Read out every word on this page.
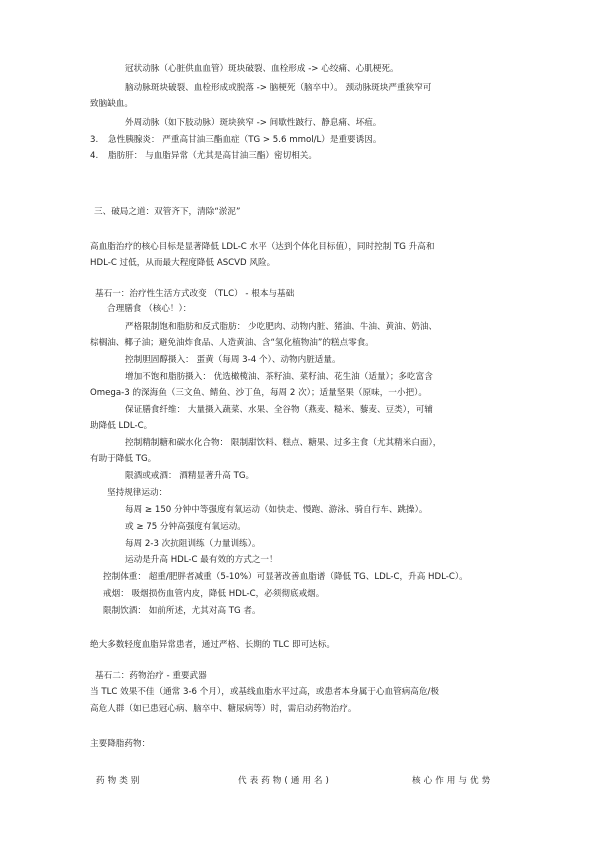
冠状动脉（心脏供血血管）斑块破裂、血栓形成 -> 心绞痛、心肌梗死。
脑动脉斑块破裂、血栓形成或脱落 -> 脑梗死（脑卒中）。 颈动脉斑块严重狭窄可
致脑缺血。
外周动脉（如下肢动脉）斑块狭窄 -> 间歇性跛行、静息痛、坏疽。
急性胰腺炎： 严重高甘油三酯血症（TG > 5.6 mmol/L）是重要诱因。
脂肪肝： 与血脂异常（尤其是高甘油三酯）密切相关。
三、破局之道：双管齐下，清除“淤泥”
高血脂治疗的核心目标是显著降低 LDL-C 水平（达到个体化目标值），同时控制 TG 升高和
HDL-C 过低，从而最大程度降低 ASCVD 风险。
基石一：治疗性生活方式改变 （TLC） - 根本与基础
合理膳食 （核心！）：
严格限制饱和脂肪和反式脂肪： 少吃肥肉、动物内脏、猪油、牛油、黄油、奶油、
棕榈油、椰子油；避免油炸食品、人造黄油、含“氢化植物油”的糕点零食。
控制胆固醇摄入： 蛋黄（每周 3-4 个）、动物内脏适量。
增加不饱和脂肪摄入： 优选橄榄油、茶籽油、菜籽油、花生油（适量）；多吃富含
Omega-3 的深海鱼（三文鱼、鲭鱼、沙丁鱼，每周 2 次）；适量坚果（原味，一小把）。
保证膳食纤维： 大量摄入蔬菜、水果、全谷物（燕麦、糙米、藜麦、豆类），可辅
助降低 LDL-C。
控制精制糖和碳水化合物： 限制甜饮料、糕点、糖果、过多主食（尤其精米白面），
有助于降低 TG。
限酒或戒酒： 酒精显著升高 TG。
坚持规律运动：
每周 ≥ 150 分钟中等强度有氧运动（如快走、慢跑、游泳、骑自行车、跳操）。
或 ≥ 75 分钟高强度有氧运动。
每周 2-3 次抗阻训练（力量训练）。
运动是升高 HDL-C 最有效的方式之一！
控制体重： 超重/肥胖者减重（5-10%）可显著改善血脂谱（降低 TG、LDL-C，升高 HDL-C）。
戒烟： 吸烟损伤血管内皮，降低 HDL-C，必须彻底戒烟。
限制饮酒： 如前所述，尤其对高 TG 者。
绝大多数轻度血脂异常患者，通过严格、长期的 TLC 即可达标。
基石二：药物治疗 - 重要武器
当 TLC 效果不佳（通常 3-6 个月），或基线血脂水平过高，或患者本身属于心血管病高危/极
高危人群（如已患冠心病、脑卒中、糖尿病等）时，需启动药物治疗。
主要降脂药物：
3.
4.
药物类别	代表药物(通用名)	核心作用与优势
